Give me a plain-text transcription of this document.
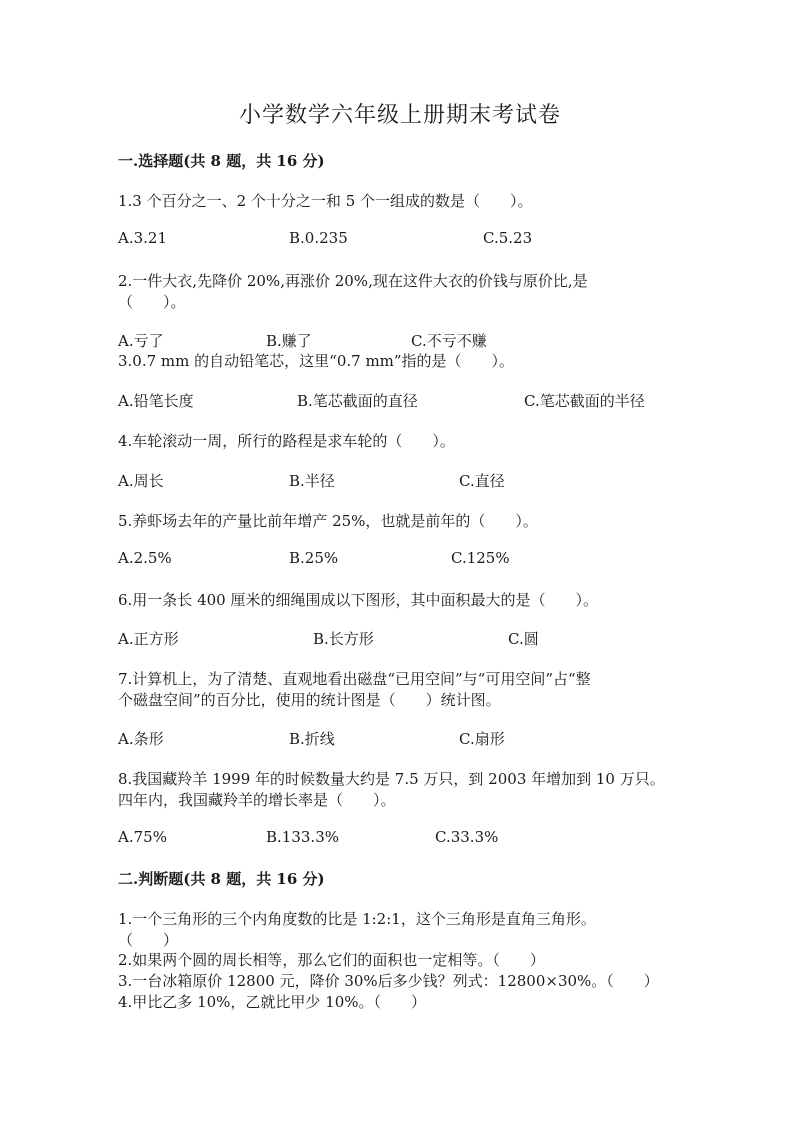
小学数学六年级上册期末考试卷
一.选择题(共 8 题，共 16 分)
1.3 个百分之一、2 个十分之一和 5 个一组成的数是（　　）。
A.3.21	B.0.235	C.5.23
2.一件大衣,先降价 20%,再涨价 20%,现在这件大衣的价钱与原价比,是
（　　）。
A.亏了	B.赚了	C.不亏不赚
3.0.7 mm 的自动铅笔芯，这里“0.7 mm”指的是（　　）。
A.铅笔长度	B.笔芯截面的直径	C.笔芯截面的半径
4.车轮滚动一周，所行的路程是求车轮的（　　）。
A.周长	B.半径	C.直径
5.养虾场去年的产量比前年增产 25%，也就是前年的（　　）。
A.2.5%	B.25%	C.125%
6.用一条长 400 厘米的细绳围成以下图形，其中面积最大的是（　　）。
A.正方形	B.长方形	C.圆
7.计算机上，为了清楚、直观地看出磁盘“已用空间”与“可用空间”占“整
个磁盘空间”的百分比，使用的统计图是（　　）统计图。
A.条形	B.折线	C.扇形
8.我国藏羚羊 1999 年的时候数量大约是 7.5 万只，到 2003 年增加到 10 万只。
四年内，我国藏羚羊的增长率是（　　）。
A.75%	B.133.3%	C.33.3%
二.判断题(共 8 题，共 16 分)
1.一个三角形的三个内角度数的比是 1:2:1，这个三角形是直角三角形。
（　　）
2.如果两个圆的周长相等，那么它们的面积也一定相等。（　　）
3.一台冰箱原价 12800 元，降价 30%后多少钱？列式：12800×30%。（　　）
4.甲比乙多 10%，乙就比甲少 10%。（　　）
